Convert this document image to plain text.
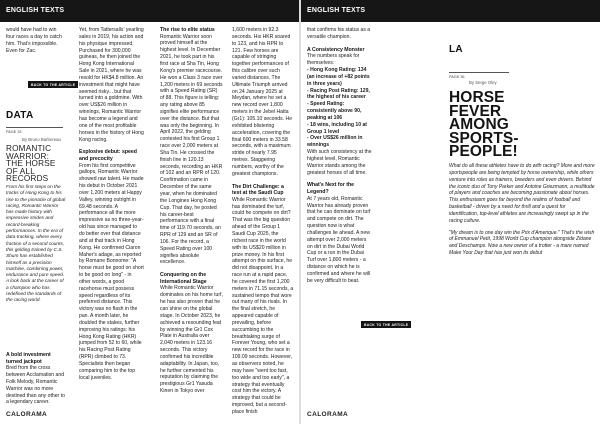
ENGLISH TEXTS

would have had to win four races a day to catch him. That's impossible. Even for Zac.

BACK TO THE ARTICLE
DATA
PAGE 33
By Bruno Barbereau
ROMANTIC
WARRIOR:
THE HORSE
OF ALL RECORDS
From his first steps on the tracks of Hong Kong to his rise to the pinnacle of global racing, Romantic Warrior has made history with impressive strides and record-breaking performances. In the era of data-tracking, where every fraction of a second counts, this gelding trained by C.S. Shum has established himself as a precision machine, combining power, endurance and pure speed. A look back at the career of a champion who has redefined the standards of the racing world.
A bold investment turned jackpot

Bred from the cross between Acclamation and Folk Melody, Romantic Warrior was no more destined than any other to a legendary career.

Yet, from Tattersalls' yearling sales in 2019, his action and his physique impressed. Purchased for 300,000 guineas, he then joined the Hong Kong International Sale in 2021, where he was resold for HK$4.8 million. An investment that might have seemed risky... but that turned into a goldmine. With over US$26 million in winnings, Romantic Warrior has become a legend and one of the most profitable horses in the history of Hong Kong racing.

Explosive debut: speed and precocity

From his first competitive gallops, Romantic Warrior showed raw talent. He made his debut in October 2021 over 1,200 meters at Happy Valley, winning outright in 69.48 seconds. A performance all the more impressive as no three-year-old has since managed to do better over that distance and at that track in Hong Kong. He confirmed Ciaron Maher's adage, as reported by Romane Bonnome: "A horse must be good on short to be good on long" - in other words, a good racehorse must possess speed regardless of its preferred distance. This victory was no flash in the pan. A month later, he doubled the stakes, further improving his ratings: his Hong Kong Rating (HKR) jumped from 52 to 60, while his Racing Post Rating (RPR) climbed to 73. Specialists then began comparing him to the top local juveniles.

The rise to elite status

Romantic Warrior soon proved himself at the highest level. In December 2021, he took part in his first race at Sha Tin, Hong Kong's premier racecourse. He won a Class 3 race over 1,200 meters in 69 seconds with a Speed Rating (SR) of 88. This figure is telling: any rating above 85 signifies elite performance over the distance. But that was only the beginning. In April 2022, the gelding contested his first Group 1 race over 2,000 meters at Sha Tin. He crossed the finish line in 120.13 seconds, recording an HKR of 102 and an RPR of 120. Confirmation came in December of the same year, when he dominated the Longines Hong Kong Cup. That day, he posted his career-best performance with a final time of 119.70 seconds, an RPR of 129 and an SR of 106. For the record, a Speed Rating over 100 signifies absolute excellence.

Conquering on the International Stage

While Romantic Warrior dominates on his home turf, he has also proven that he can shine on the global stage. In October 2023, he achieved a resounding feat by winning the Gr1 Cox Plate in Australia over 2,040 meters in 123.16 seconds. This victory confirmed his incredible adaptability. In Japan, too, he further cemented his reputation by claiming the prestigious Gr1 Yasuda Kinen in Tokyo over

1,600 meters in 92.3 seconds. His HKR soared to 123, and his RPR to 121. Few horses are capable of stringing together performances of this calibre over such varied distances. The Ultimate Triumph arrived on 24 January 2025 at Meydan, where he set a new record over 1,800 meters in the Jebel Hatta (Gr1): 105.10 seconds. He exhibited blistering acceleration, covering the final 600 meters in 33.58 seconds, with a maximum stride of nearly 7.95 metres. Staggering numbers, worthy of the greatest champions.

The Dirt Challenge: a test at the Saudi Cup

While Romantic Warrior has dominated the turf, could he compete on dirt? That was the big question ahead of the Group 1 Saudi Cup 2025, the richest race in the world with its US$20 million in prize money. In his first attempt on this surface, he did not disappoint. In a race run at a rapid pace, he covered the first 1,200 meters in 71.15 seconds, a sustained tempo that wore out many of his rivals. In the final stretch, he appeared capable of prevailing, before succumbing to the breathtaking surge of Forever Young, who set a new record for the race in 109.09 seconds. However, as observers noted, he may have "went too fast, too wide and too early", a strategy that eventually cost him the victory. A strategy that could be improved, but a second-place finish

CALORAMA
ENGLISH TEXTS

that confirms his status as a versatile champion.

A Consistency Monster

The numbers speak for themselves:

- Hong Kong Rating: 134 (an increase of +82 points in three years)

- Racing Post Rating: 129, the highest of his career

- Speed Rating: consistently above 90, peaking at 106

- 18 wins, including 10 at Group 1 level

- Over US$26 million in winnings

With such consistency at the highest level, Romantic Warrior stands among the greatest horses of all time.

What's Next for the Legend?

At 7 years old, Romantic Warrior has already proven that he can dominate on turf and compete on dirt. The question now is what challenges lie ahead. A new attempt over 2,000 meters on dirt in the Dubai World Cup or a run in the Dubai Turf over 1,800 meters - a distance on which he is confirmed and where he will be very difficult to beat.

BACK TO THE ARTICLE
LA
PAGE 36
By Serge Oley
HORSE
FEVER
AMONG
SPORTS-
PEOPLE!

What do all these athletes have to do with racing? More and more sportspeople are being tempted by horse ownership, while others venture into roles as trainers, breeders and even drivers. Behind the iconic duo of Tony Parker and Antoine Griezmann, a multitude of players and coaches are becoming passionate about horses. This enthusiasm goes far beyond the realms of football and basketball - driven by a need for thrill and a quest for identification, top-level athletes are increasingly swept up in the racing culture.

"My dream is to one day win the Prix d'Amerique." That's the wish of Emmanuel Petit, 1998 World Cup champion alongside Zidane and Deschamps. Now a new owner of a trotter - a mare named Make Your Day that has just won its debut

CALORAMA
